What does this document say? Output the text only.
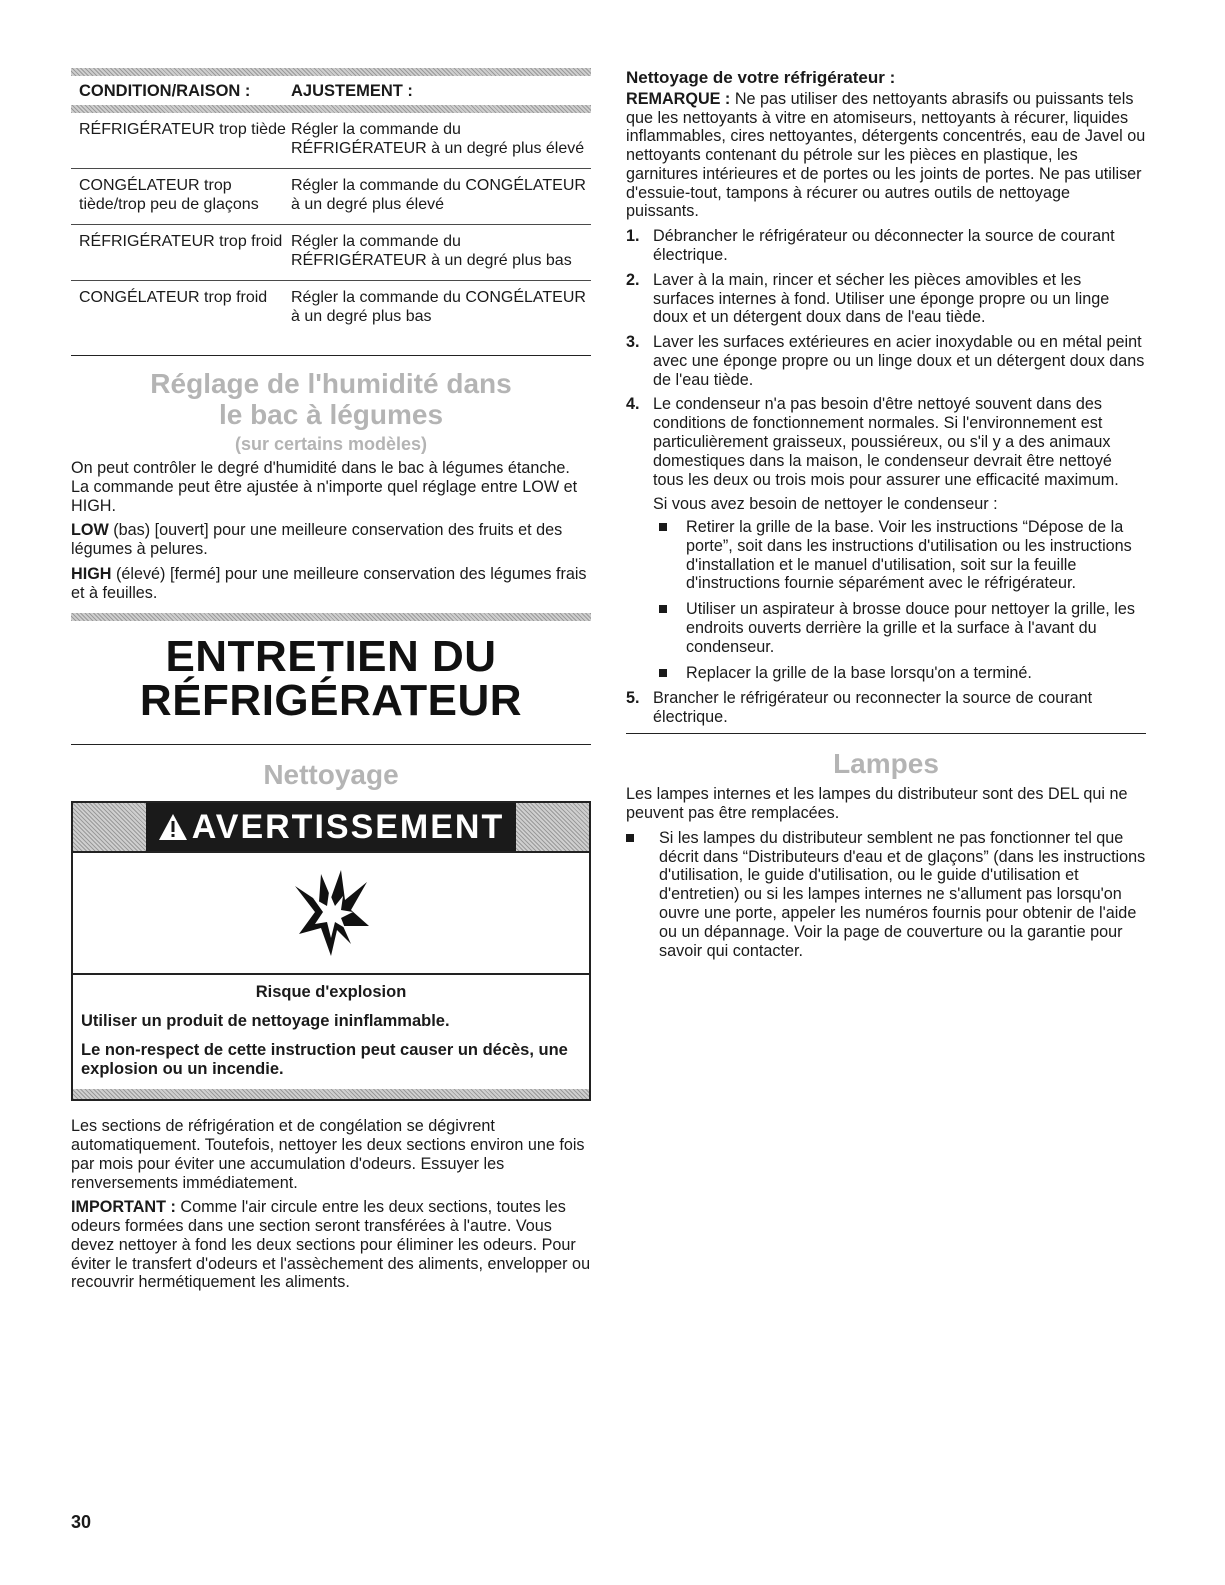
CONDITION/RAISON :	AJUSTEMENT :
RÉFRIGÉRATEUR trop tiède Régler la commande du RÉFRIGÉRATEUR à un degré plus élevé
CONGÉLATEUR trop tiède/trop peu de glaçons
Régler la commande du CONGÉLATEUR à un degré plus élevé
RÉFRIGÉRATEUR trop froid Régler la commande du RÉFRIGÉRATEUR à un degré plus bas
CONGÉLATEUR trop froid	Régler la commande du CONGÉLATEUR à un degré plus bas
Réglage de l'humidité dans
le bac à légumes
(sur certains modèles)

On peut contrôler le degré d'humidité dans le bac à légumes étanche. La commande peut être ajustée à n'importe quel réglage entre LOW et HIGH.

LOW (bas) [ouvert] pour une meilleure conservation des fruits et des légumes à pelures.

HIGH (élevé) [fermé] pour une meilleure conservation des légumes frais et à feuilles.

ENTRETIEN DU
RÉFRIGÉRATEUR
Nettoyage
AVERTISSEMENT
Risque d'explosion
Utiliser un produit de nettoyage ininflammable.
Le non-respect de cette instruction peut causer un décès, une explosion ou un incendie.

Les sections de réfrigération et de congélation se dégivrent automatiquement. Toutefois, nettoyer les deux sections environ une fois par mois pour éviter une accumulation d'odeurs. Essuyer les renversements immédiatement.

IMPORTANT : Comme l'air circule entre les deux sections, toutes les odeurs formées dans une section seront transférées à l'autre. Vous devez nettoyer à fond les deux sections pour éliminer les odeurs. Pour éviter le transfert d'odeurs et l'assèchement des aliments, envelopper ou recouvrir hermétiquement les aliments.

Nettoyage de votre réfrigérateur :

REMARQUE : Ne pas utiliser des nettoyants abrasifs ou puissants tels que les nettoyants à vitre en atomiseurs, nettoyants à récurer, liquides inflammables, cires nettoyantes, détergents concentrés, eau de Javel ou nettoyants contenant du pétrole sur les pièces en plastique, les garnitures intérieures et de portes ou les joints de portes. Ne pas utiliser d'essuie-tout, tampons à récurer ou autres outils de nettoyage puissants.

1. Débrancher le réfrigérateur ou déconnecter la source de courant électrique.
2. Laver à la main, rincer et sécher les pièces amovibles et les surfaces internes à fond. Utiliser une éponge propre ou un linge doux et un détergent doux dans de l'eau tiède.
3. Laver les surfaces extérieures en acier inoxydable ou en métal peint avec une éponge propre ou un linge doux et un détergent doux dans de l'eau tiède.
4. Le condenseur n'a pas besoin d'être nettoyé souvent dans des conditions de fonctionnement normales. Si l'environnement est particulièrement graisseux, poussiéreux, ou s'il y a des animaux domestiques dans la maison, le condenseur devrait être nettoyé tous les deux ou trois mois pour assurer une efficacité maximum.
Si vous avez besoin de nettoyer le condenseur :
Retirer la grille de la base. Voir les instructions “Dépose de la porte”, soit dans les instructions d'utilisation ou les instructions d'installation et le manuel d'utilisation, soit sur la feuille d'instructions fournie séparément avec le réfrigérateur.
Utiliser un aspirateur à brosse douce pour nettoyer la grille, les endroits ouverts derrière la grille et la surface à l'avant du condenseur.
Replacer la grille de la base lorsqu'on a terminé.
5. Brancher le réfrigérateur ou reconnecter la source de courant électrique.
Lampes

Les lampes internes et les lampes du distributeur sont des DEL qui ne peuvent pas être remplacées.

Si les lampes du distributeur semblent ne pas fonctionner tel que décrit dans “Distributeurs d'eau et de glaçons” (dans les instructions d'utilisation, le guide d'utilisation, ou le guide d'utilisation et d'entretien) ou si les lampes internes ne s'allument pas lorsqu'on ouvre une porte, appeler les numéros fournis pour obtenir de l'aide ou un dépannage. Voir la page de couverture ou la garantie pour savoir qui contacter.
30
